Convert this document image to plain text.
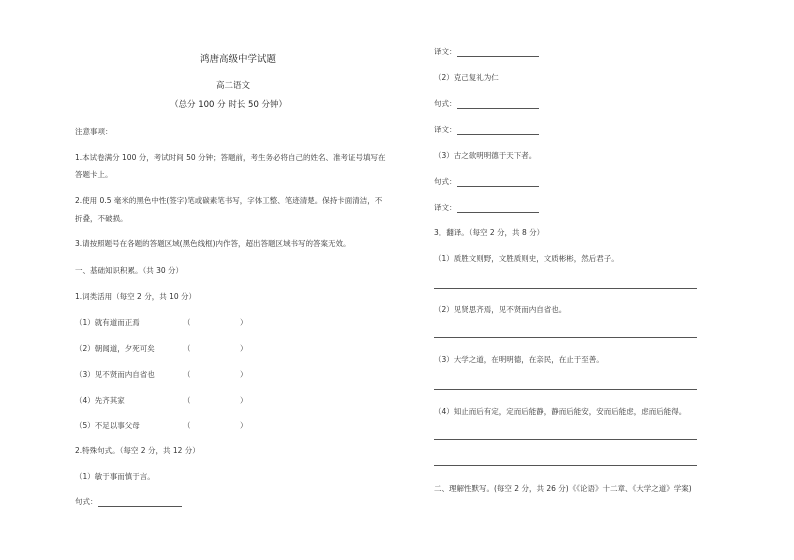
鸿唐高级中学试题
高二语文
（总分 100 分 时长 50 分钟）
注意事项：
1.本试卷满分 100 分，考试时间 50 分钟；答题前，考生务必将自己的姓名、准考证号填写在
答题卡上。
2.使用 0.5 毫米的黑色中性(签字)笔或碳素笔书写，字体工整、笔迹清楚。保持卡面清洁，不
折叠，不破损。
3.请按照题号在各题的答题区域(黑色线框)内作答，超出答题区域书写的答案无效。
一、基础知识积累。（共 30 分）
1.词类活用（每空 2 分，共 10 分）
（1）就有道而正焉	（	）
（2）朝闻道，夕死可矣	（	）
（3）见不贤而内自省也	（	）
（4）先齐其家	（	）
（5）不足以事父母	（	）
2.特殊句式。（每空 2 分，共 12 分）
（1）敏于事而慎于言。
句式：
译文：
（2）克己复礼为仁
句式：
译文：
（3）古之欲明明德于天下者。
句式：
译文：
3．翻译。（每空 2 分，共 8 分）
（1）质胜文则野，文胜质则史，文质彬彬，然后君子。
（2）见贤思齐焉，见不贤而内自省也。
（3）大学之道，在明明德，在亲民，在止于至善。
（4）知止而后有定，定而后能静，静而后能安，安而后能虑，虑而后能得。
二、理解性默写。(每空 2 分，共 26 分)《《论语》十二章、《大学之道》学案)
